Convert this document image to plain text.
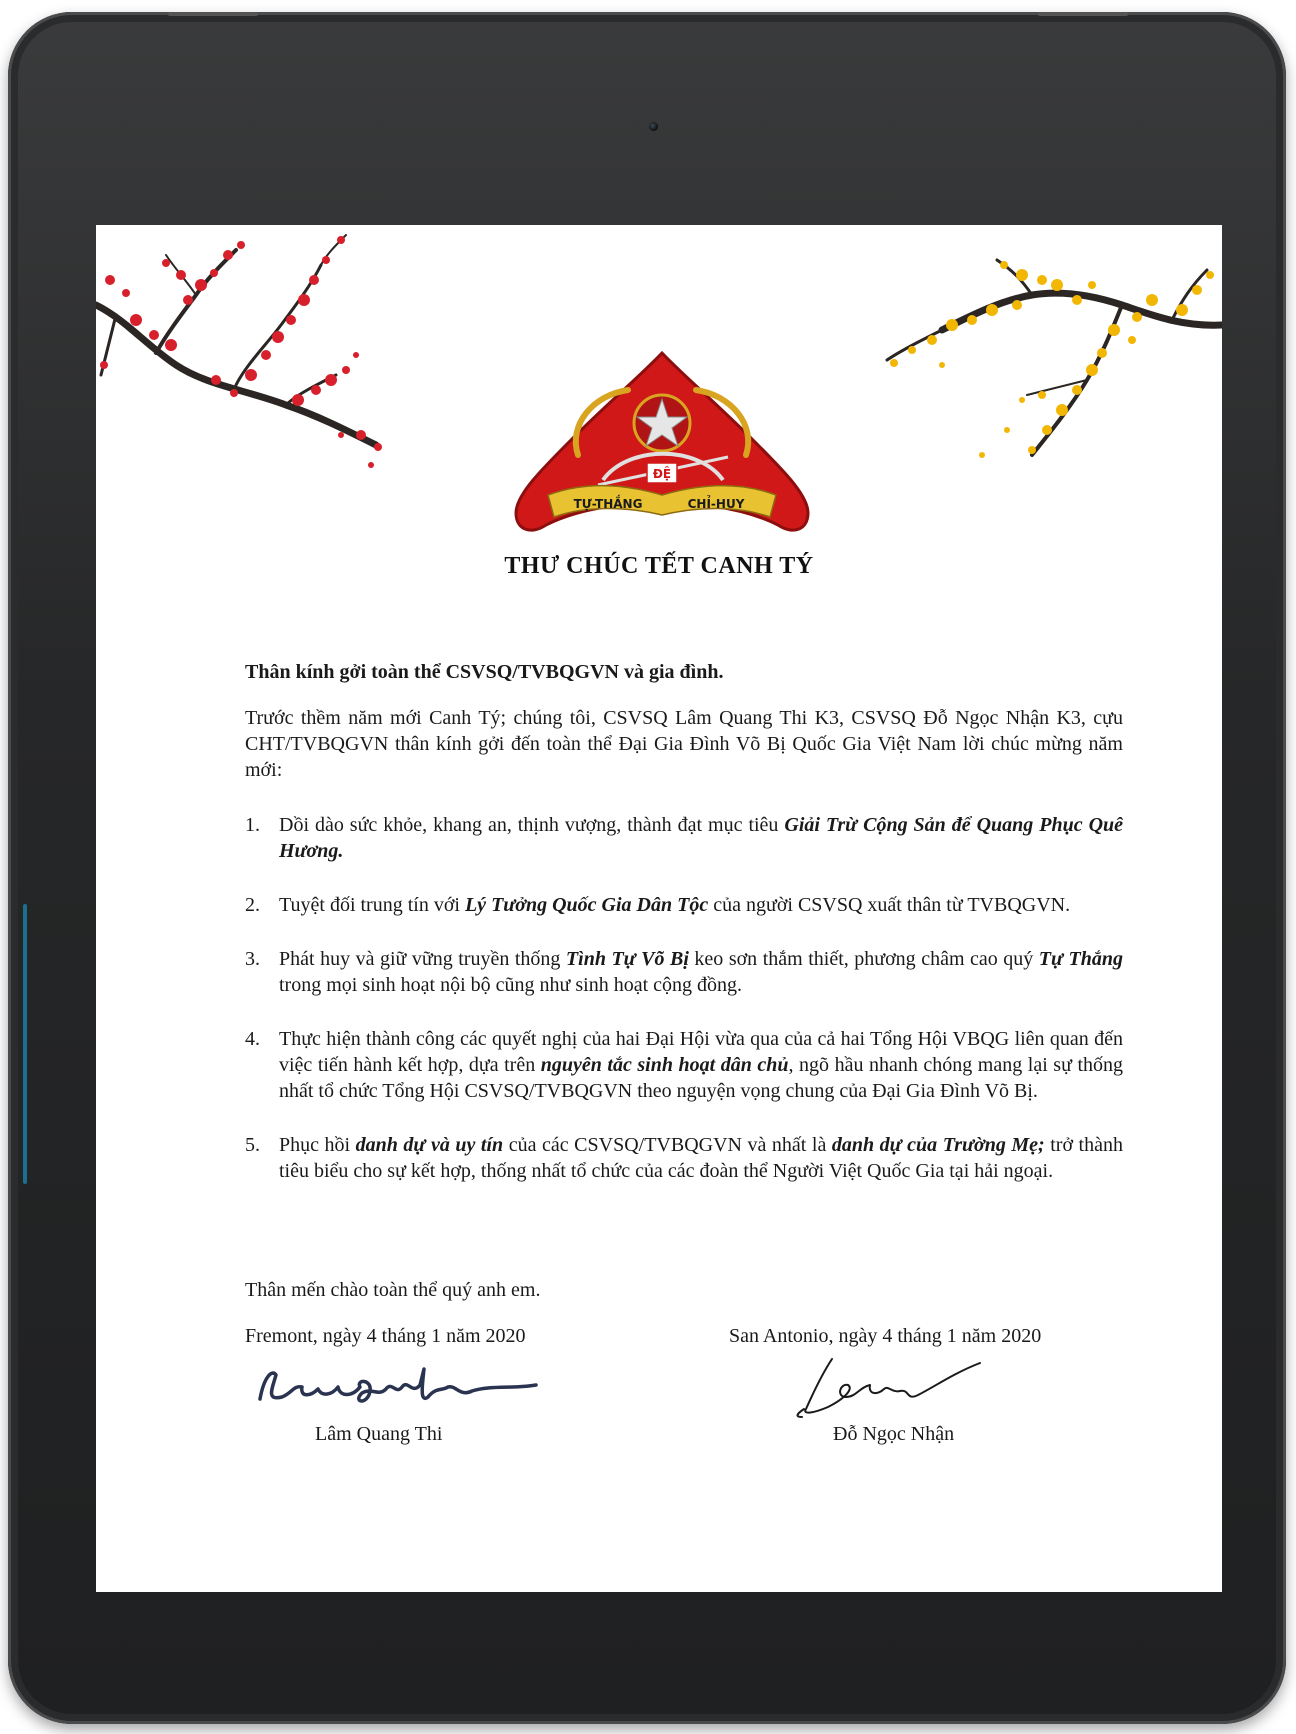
ĐỆ
TỰ-THẮNG	CHỈ-HUY
THƯ CHÚC TẾT CANH TÝ
Thân kính gởi toàn thể CSVSQ/TVBQGVN và gia đình.
Trước thềm năm mới Canh Tý; chúng tôi, CSVSQ Lâm Quang Thi K3, CSVSQ Đỗ Ngọc Nhận K3, cựu CHT/TVBQGVN thân kính gởi đến toàn thể Đại Gia Đình Võ Bị Quốc Gia Việt Nam lời chúc mừng năm mới:
1. Dồi dào sức khỏe, khang an, thịnh vượng, thành đạt mục tiêu Giải Trừ Cộng Sản để Quang Phục Quê Hương.
2. Tuyệt đối trung tín với Lý Tưởng Quốc Gia Dân Tộc của người CSVSQ xuất thân từ TVBQGVN.
3. Phát huy và giữ vững truyền thống Tình Tự Võ Bị keo sơn thắm thiết, phương châm cao quý Tự Thắng trong mọi sinh hoạt nội bộ cũng như sinh hoạt cộng đồng.
4. Thực hiện thành công các quyết nghị của hai Đại Hội vừa qua của cả hai Tổng Hội VBQG liên quan đến việc tiến hành kết hợp, dựa trên nguyên tắc sinh hoạt dân chủ, ngõ hầu nhanh chóng mang lại sự thống nhất tổ chức Tổng Hội CSVSQ/TVBQGVN theo nguyện vọng chung của Đại Gia Đình Võ Bị.
5. Phục hồi danh dự và uy tín của các CSVSQ/TVBQGVN và nhất là danh dự của Trường Mẹ; trở thành tiêu biểu cho sự kết hợp, thống nhất tổ chức của các đoàn thể Người Việt Quốc Gia tại hải ngoại.
Thân mến chào toàn thể quý anh em.
Fremont, ngày 4 tháng 1 năm 2020	San Antonio, ngày 4 tháng 1 năm 2020
Lâm Quang Thi	Đỗ Ngọc Nhận
